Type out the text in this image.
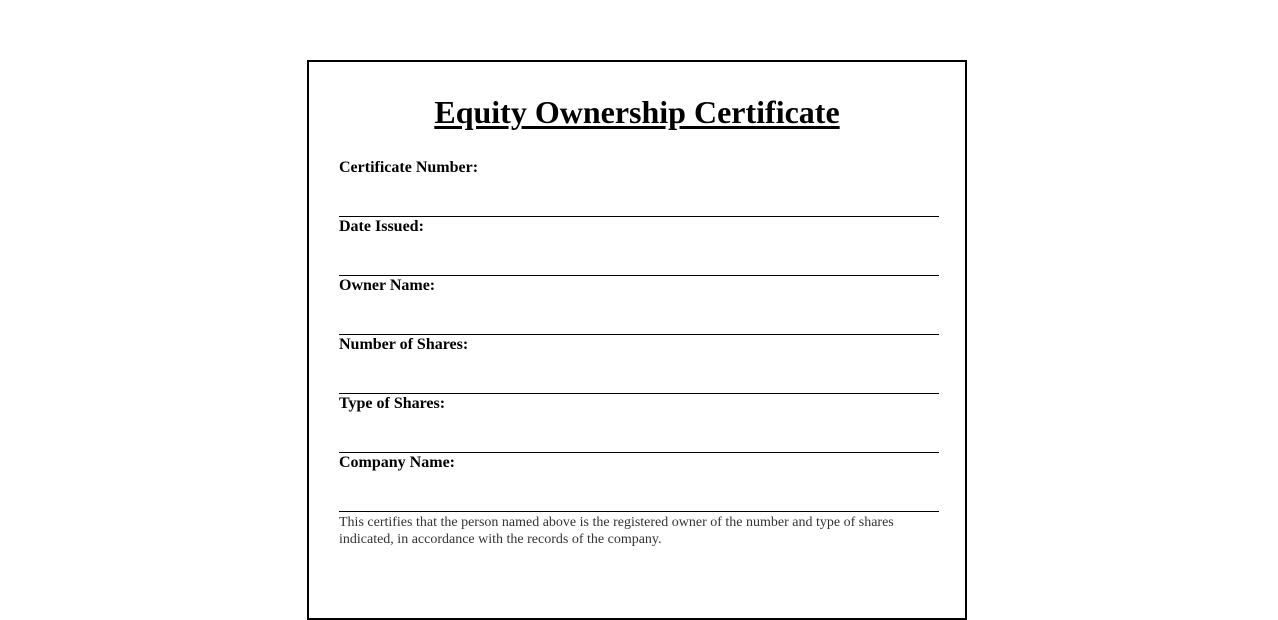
Equity Ownership Certificate
Certificate Number:
Date Issued:
Owner Name:
Number of Shares:
Type of Shares:
Company Name:

This certifies that the person named above is the registered owner of the number and type of shares indicated, in accordance with the records of the company.
